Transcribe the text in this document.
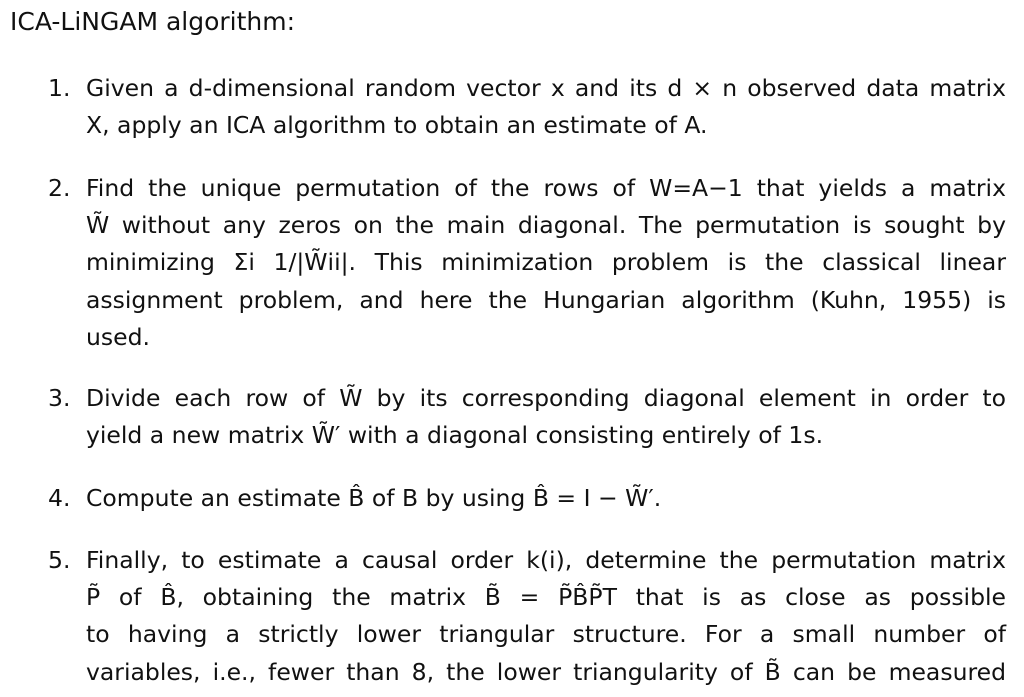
ICA-LiNGAM algorithm:
1. Given a d-dimensional random vector x and its d × n observed data matrix
X, apply an ICA algorithm to obtain an estimate of A.
2. Find the unique permutation of the rows of W=A−1 that yields a matrix
W̃ without any zeros on the main diagonal. The permutation is sought by
minimizing Σi 1/|W̃ii|. This minimization problem is the classical linear
assignment problem, and here the Hungarian algorithm (Kuhn, 1955) is
used.
3. Divide each row of W̃ by its corresponding diagonal element in order to
yield a new matrix W̃′ with a diagonal consisting entirely of 1s.
4. Compute an estimate B̂ of B by using B̂ = I − W̃′.
5. Finally, to estimate a causal order k(i), determine the permutation matrix
P̃ of B̂, obtaining the matrix B̃ = P̃B̂P̃T that is as close as possible
to having a strictly lower triangular structure. For a small number of
variables, i.e., fewer than 8, the lower triangularity of B̃ can be measured
